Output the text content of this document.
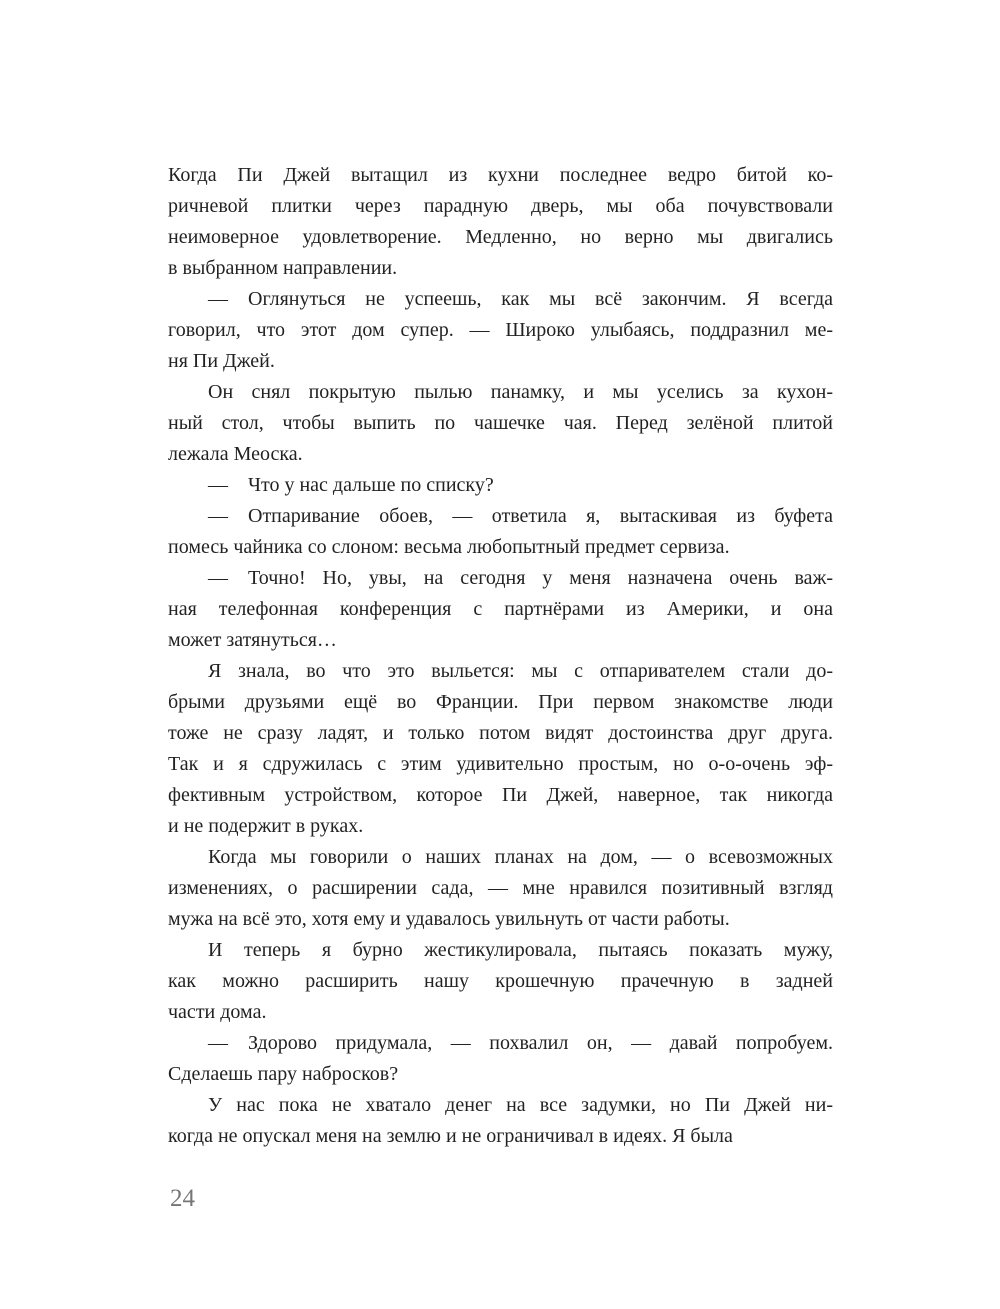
Когда Пи Джей вытащил из кухни последнее ведро битой ко-
ричневой плитки через парадную дверь, мы оба почувствовали
неимоверное удовлетворение. Медленно, но верно мы двигались
в выбранном направлении.
— Оглянуться не успеешь, как мы всё закончим. Я всегда
говорил, что этот дом супер. — Широко улыбаясь, поддразнил ме-
ня Пи Джей.
Он снял покрытую пылью панамку, и мы уселись за кухон-
ный стол, чтобы выпить по чашечке чая. Перед зелёной плитой
лежала Меоска.
— Что у нас дальше по списку?
— Отпаривание обоев, — ответила я, вытаскивая из буфета
помесь чайника со слоном: весьма любопытный предмет сервиза.
— Точно! Но, увы, на сегодня у меня назначена очень важ-
ная телефонная конференция с партнёрами из Америки, и она
может затянуться…
Я знала, во что это выльется: мы с отпаривателем стали до-
брыми друзьями ещё во Франции. При первом знакомстве люди
тоже не сразу ладят, и только потом видят достоинства друг друга.
Так и я сдружилась с этим удивительно простым, но о-о-очень эф-
фективным устройством, которое Пи Джей, наверное, так никогда
и не подержит в руках.
Когда мы говорили о наших планах на дом, — о всевозможных
изменениях, о расширении сада, — мне нравился позитивный взгляд
мужа на всё это, хотя ему и удавалось увильнуть от части работы.
И теперь я бурно жестикулировала, пытаясь показать мужу,
как можно расширить нашу крошечную прачечную в задней
части дома.
— Здорово придумала, — похвалил он, — давай попробуем.
Сделаешь пару набросков?
У нас пока не хватало денег на все задумки, но Пи Джей ни-
когда не опускал меня на землю и не ограничивал в идеях. Я была
24
